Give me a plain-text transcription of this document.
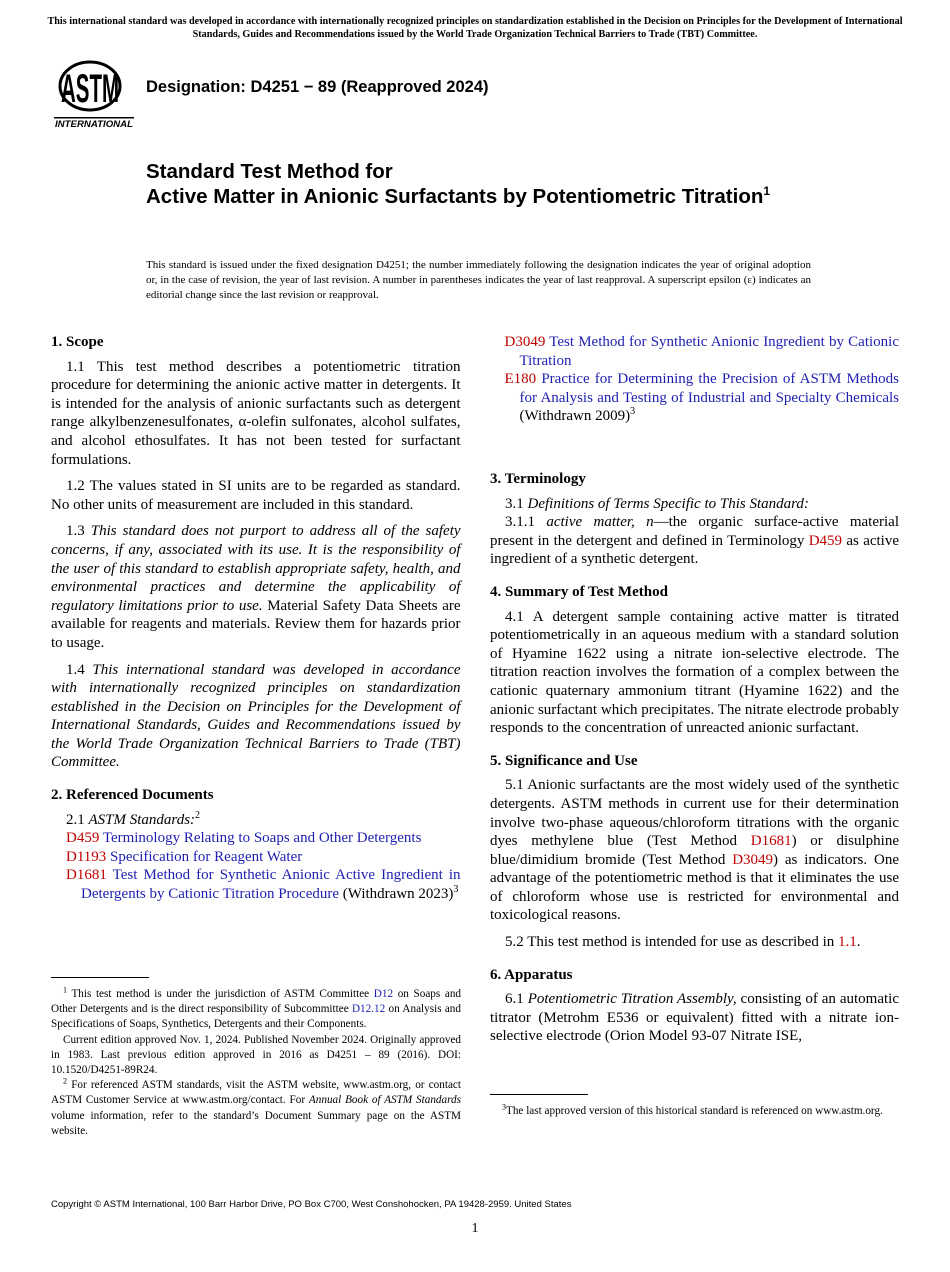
This international standard was developed in accordance with internationally recognized principles on standardization established in the Decision on Principles for the Development of International Standards, Guides and Recommendations issued by the World Trade Organization Technical Barriers to Trade (TBT) Committee.
ASTM
INTERNATIONAL
Designation: D4251 − 89 (Reapproved 2024)
Standard Test Method for
Active Matter in Anionic Surfactants by Potentiometric Titration$^1$
This standard is issued under the fixed designation D4251; the number immediately following the designation indicates the year of original adoption or, in the case of revision, the year of last revision. A number in parentheses indicates the year of last reapproval. A superscript epsilon (ε) indicates an editorial change since the last revision or reapproval.
1. Scope

1.1 This test method describes a potentiometric titration procedure for determining the anionic active matter in detergents. It is intended for the analysis of anionic surfactants such as detergent range alkylbenzenesulfonates, α-olefin sulfonates, alcohol sulfates, and alcohol ethosulfates. It has not been tested for surfactant formulations.

1.2 The values stated in SI units are to be regarded as standard. No other units of measurement are included in this standard.

1.3 This standard does not purport to address all of the safety concerns, if any, associated with its use. It is the responsibility of the user of this standard to establish appropriate safety, health, and environmental practices and determine the applicability of regulatory limitations prior to use. Material Safety Data Sheets are available for reagents and materials. Review them for hazards prior to usage.

1.4 This international standard was developed in accordance with internationally recognized principles on standardization established in the Decision on Principles for the Development of International Standards, Guides and Recommendations issued by the World Trade Organization Technical Barriers to Trade (TBT) Committee.

2. Referenced Documents

2.1 ASTM Standards:$^2$

D459 Terminology Relating to Soaps and Other Detergents
D1193 Specification for Reagent Water
D1681 Test Method for Synthetic Anionic Active Ingredient in Detergents by Cationic Titration Procedure (Withdrawn 2023)$^3$
D3049 Test Method for Synthetic Anionic Ingredient by Cationic Titration
E180 Practice for Determining the Precision of ASTM Methods for Analysis and Testing of Industrial and Specialty Chemicals (Withdrawn 2009)$^3$

$^1$ This test method is under the jurisdiction of ASTM Committee D12 on Soaps and Other Detergents and is the direct responsibility of Subcommittee D12.12 on Analysis and Specifications of Soaps, Synthetics, Detergents and their Components.

Current edition approved Nov. 1, 2024. Published November 2024. Originally approved in 1983. Last previous edition approved in 2016 as D4251 – 89 (2016). DOI: 10.1520/D4251-89R24.

$^2$ For referenced ASTM standards, visit the ASTM website, www.astm.org, or contact ASTM Customer Service at www.astm.org/contact. For Annual Book of ASTM Standards volume information, refer to the standard’s Document Summary page on the ASTM website.

3. Terminology

3.1 Definitions of Terms Specific to This Standard:

3.1.1 active matter, n—the organic surface-active material present in the detergent and defined in Terminology D459 as active ingredient of a synthetic detergent.

4. Summary of Test Method

4.1 A detergent sample containing active matter is titrated potentiometrically in an aqueous medium with a standard solution of Hyamine 1622 using a nitrate ion-selective electrode. The titration reaction involves the formation of a complex between the cationic quaternary ammonium titrant (Hyamine 1622) and the anionic surfactant which precipitates. The nitrate electrode probably responds to the concentration of unreacted anionic surfactant.

5. Significance and Use

5.1 Anionic surfactants are the most widely used of the synthetic detergents. ASTM methods in current use for their determination involve two-phase aqueous/chloroform titrations with the organic dyes methylene blue (Test Method D1681) or disulphine blue/dimidium bromide (Test Method D3049) as indicators. One advantage of the potentiometric method is that it eliminates the use of chloroform whose use is restricted for environmental and toxicological reasons.

5.2 This test method is intended for use as described in 1.1.

6. Apparatus

6.1 Potentiometric Titration Assembly, consisting of an automatic titrator (Metrohm E536 or equivalent) fitted with a nitrate ion-selective electrode (Orion Model 93-07 Nitrate ISE,

$^3$The last approved version of this historical standard is referenced on www.astm.org.

Copyright © ASTM International, 100 Barr Harbor Drive, PO Box C700, West Conshohocken, PA 19428-2959. United States
1
